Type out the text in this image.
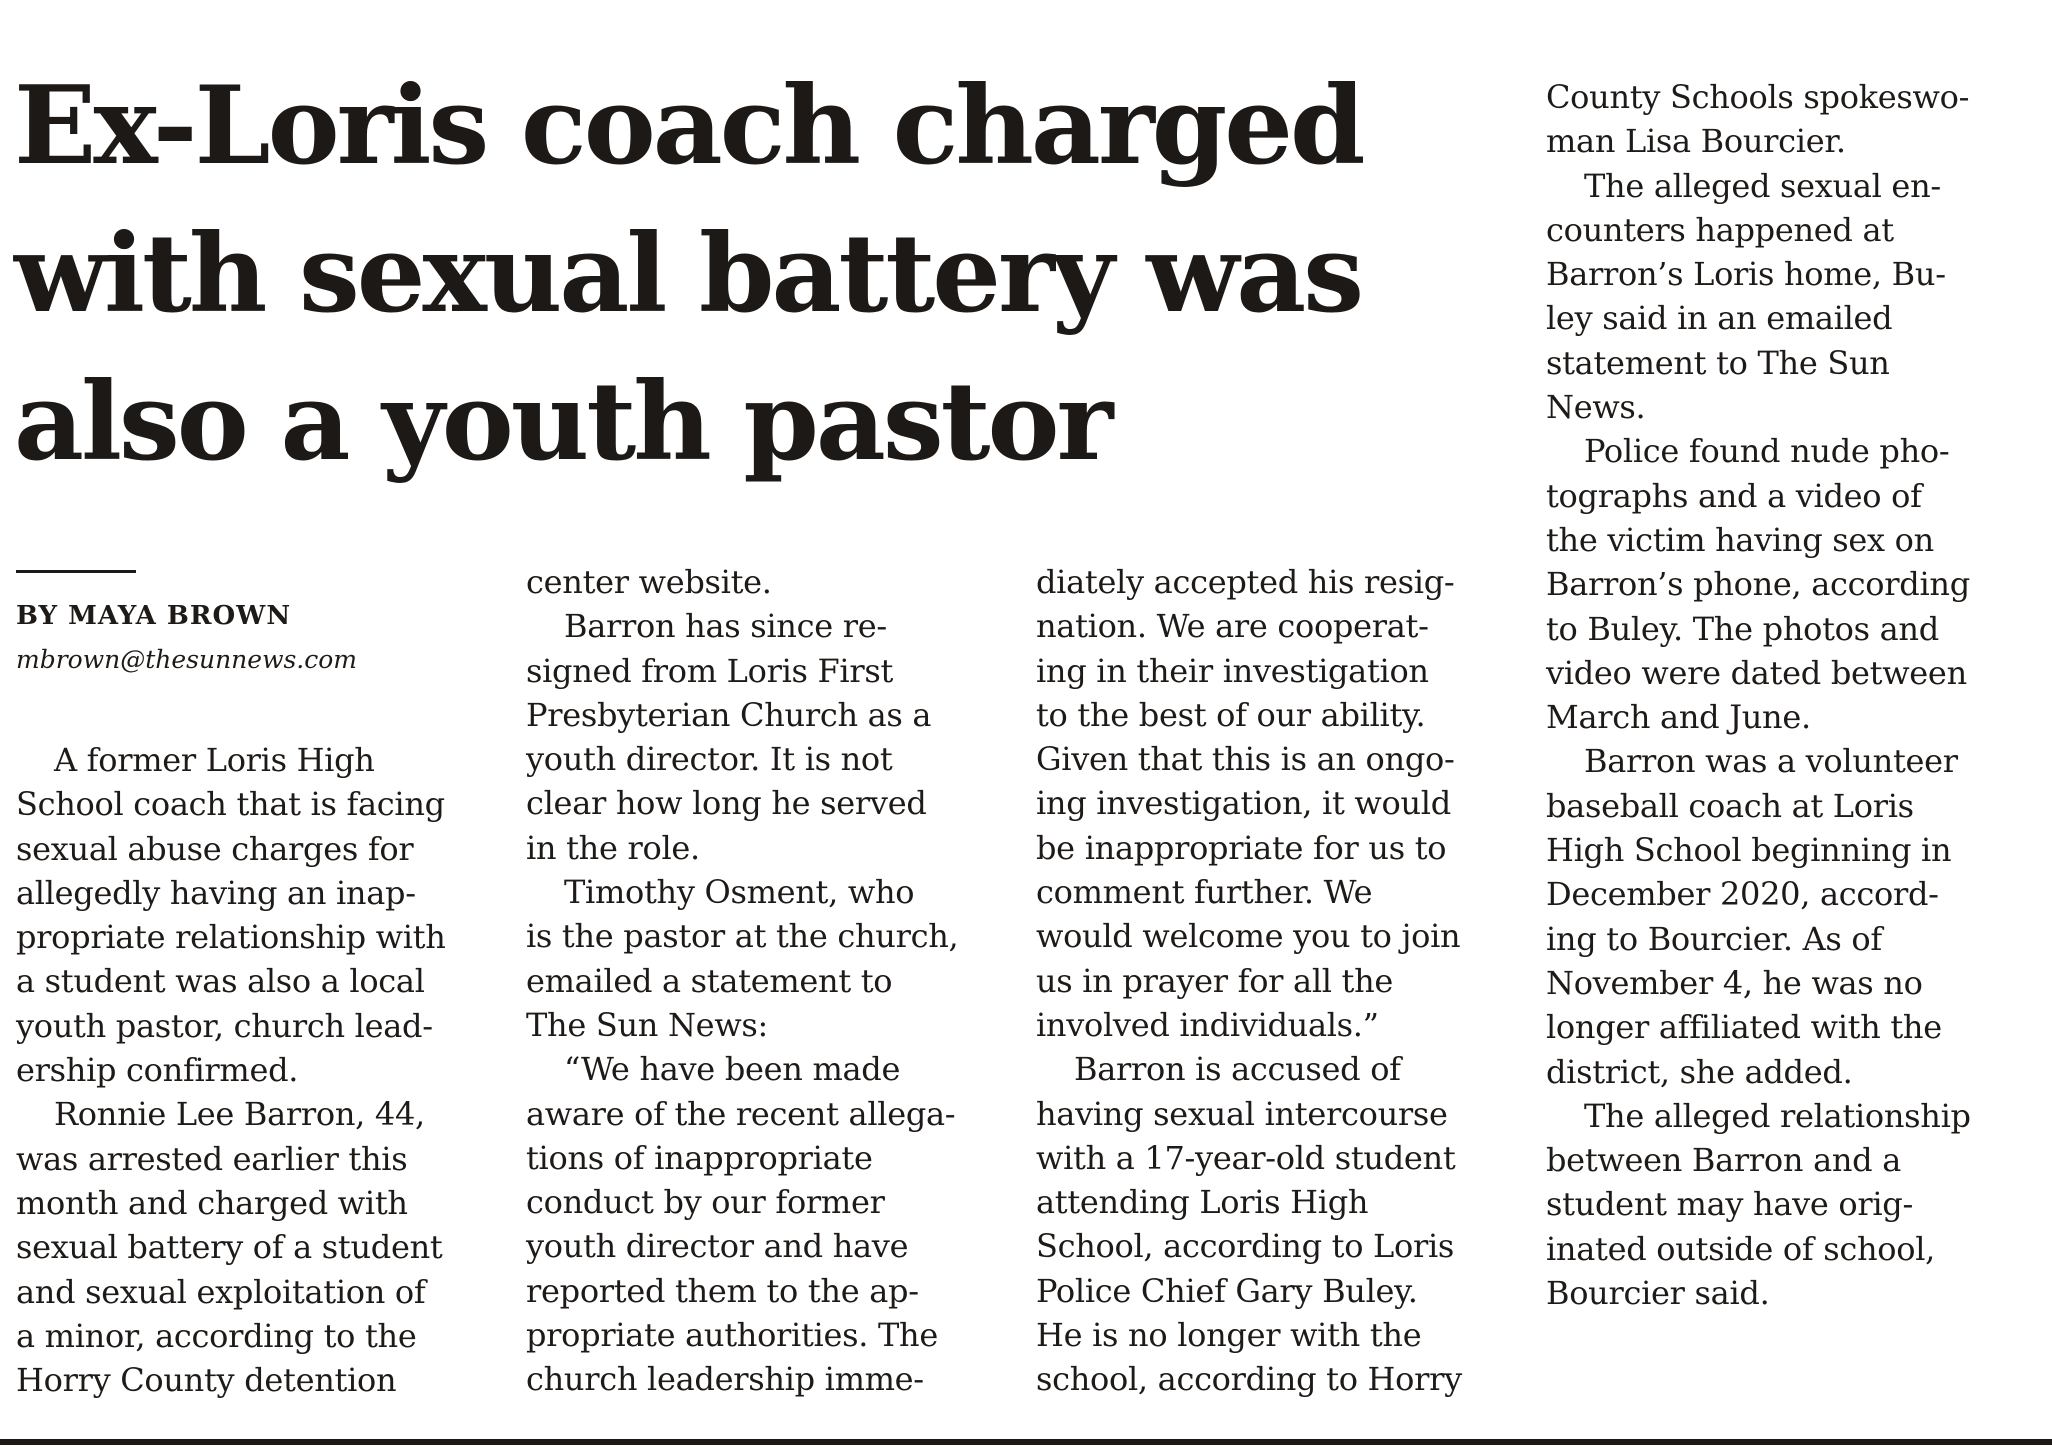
Ex-Loris coach charged
with sexual battery was
also a youth pastor
BY MAYA BROWN
mbrown@thesunnews.com
A former Loris High
School coach that is facing
sexual abuse charges for
allegedly having an inap-
propriate relationship with
a student was also a local
youth pastor, church lead-
ership confirmed.
Ronnie Lee Barron, 44,
was arrested earlier this
month and charged with
sexual battery of a student
and sexual exploitation of
a minor, according to the
Horry County detention
center website.
Barron has since re-
signed from Loris First
Presbyterian Church as a
youth director. It is not
clear how long he served
in the role.
Timothy Osment, who
is the pastor at the church,
emailed a statement to
The Sun News:
“We have been made
aware of the recent allega-
tions of inappropriate
conduct by our former
youth director and have
reported them to the ap-
propriate authorities. The
church leadership imme-
diately accepted his resig-
nation. We are cooperat-
ing in their investigation
to the best of our ability.
Given that this is an ongo-
ing investigation, it would
be inappropriate for us to
comment further. We
would welcome you to join
us in prayer for all the
involved individuals.”
Barron is accused of
having sexual intercourse
with a 17-year-old student
attending Loris High
School, according to Loris
Police Chief Gary Buley.
He is no longer with the
school, according to Horry
County Schools spokeswo-
man Lisa Bourcier.
The alleged sexual en-
counters happened at
Barron’s Loris home, Bu-
ley said in an emailed
statement to The Sun
News.
Police found nude pho-
tographs and a video of
the victim having sex on
Barron’s phone, according
to Buley. The photos and
video were dated between
March and June.
Barron was a volunteer
baseball coach at Loris
High School beginning in
December 2020, accord-
ing to Bourcier. As of
November 4, he was no
longer affiliated with the
district, she added.
The alleged relationship
between Barron and a
student may have orig-
inated outside of school,
Bourcier said.
